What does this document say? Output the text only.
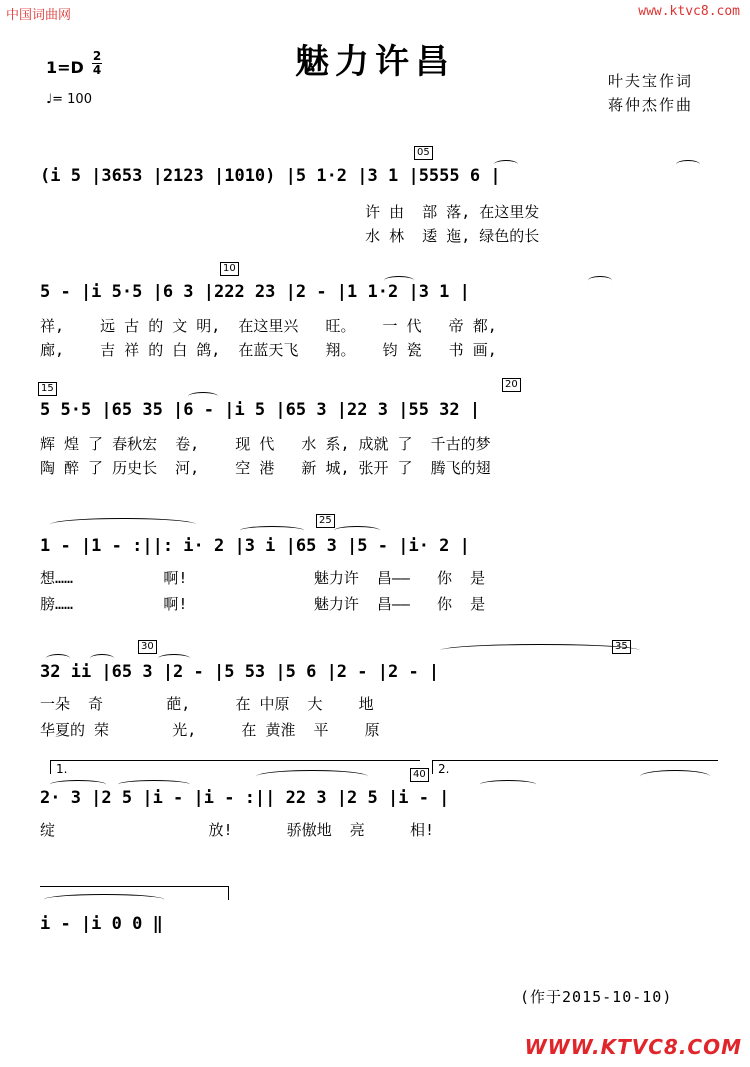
中国词曲网	www.ktvc8.com
魅力许昌
1=D
2
4
♩= 100
叶夫宝作词
蒋仲杰作曲
05
(i 5 |3653 |2123 |1010) |5 1·2 |3 1 |5555 6 |
许 由  部 落, 在这里发
水 林  逶 迤, 绿色的长
10
5 - |i 5·5 |6 3 |222 23 |2 - |1 1·2 |3 1 |
祥,    远 古 的 文 明,  在这里兴   旺。   一 代   帝 都,
廊,    吉 祥 的 白 鸽,  在蓝天飞   翔。   钧 瓷   书 画,
15	20
5 5·5 |65 35 |6 - |i 5 |65 3 |22 3 |55 32 |
辉 煌 了 春秋宏  卷,    现 代   水 系, 成就 了  千古的梦
陶 醉 了 历史长  河,    空 港   新 城, 张开 了  腾飞的翅
25
1 - |1 - :||: i· 2 |3 i |65 3 |5 - |i· 2 |
想……          啊!              魅力许  昌——   你  是
膀……          啊!              魅力许  昌——   你  是
30	35
32 ii |65 3 |2 - |5 53 |5 6 |2 - |2 - |
一朵  奇       葩,     在 中原  大    地
华夏的 荣       光,     在 黄淮  平    原
1.	2.
40
2· 3 |2 5 |i - |i - :|| 22 3 |2 5 |i - |
绽                 放!      骄傲地  亮     相!
i - |i 0 0 ‖
(作于2015-10-10)
WWW.KTVC8.COM
